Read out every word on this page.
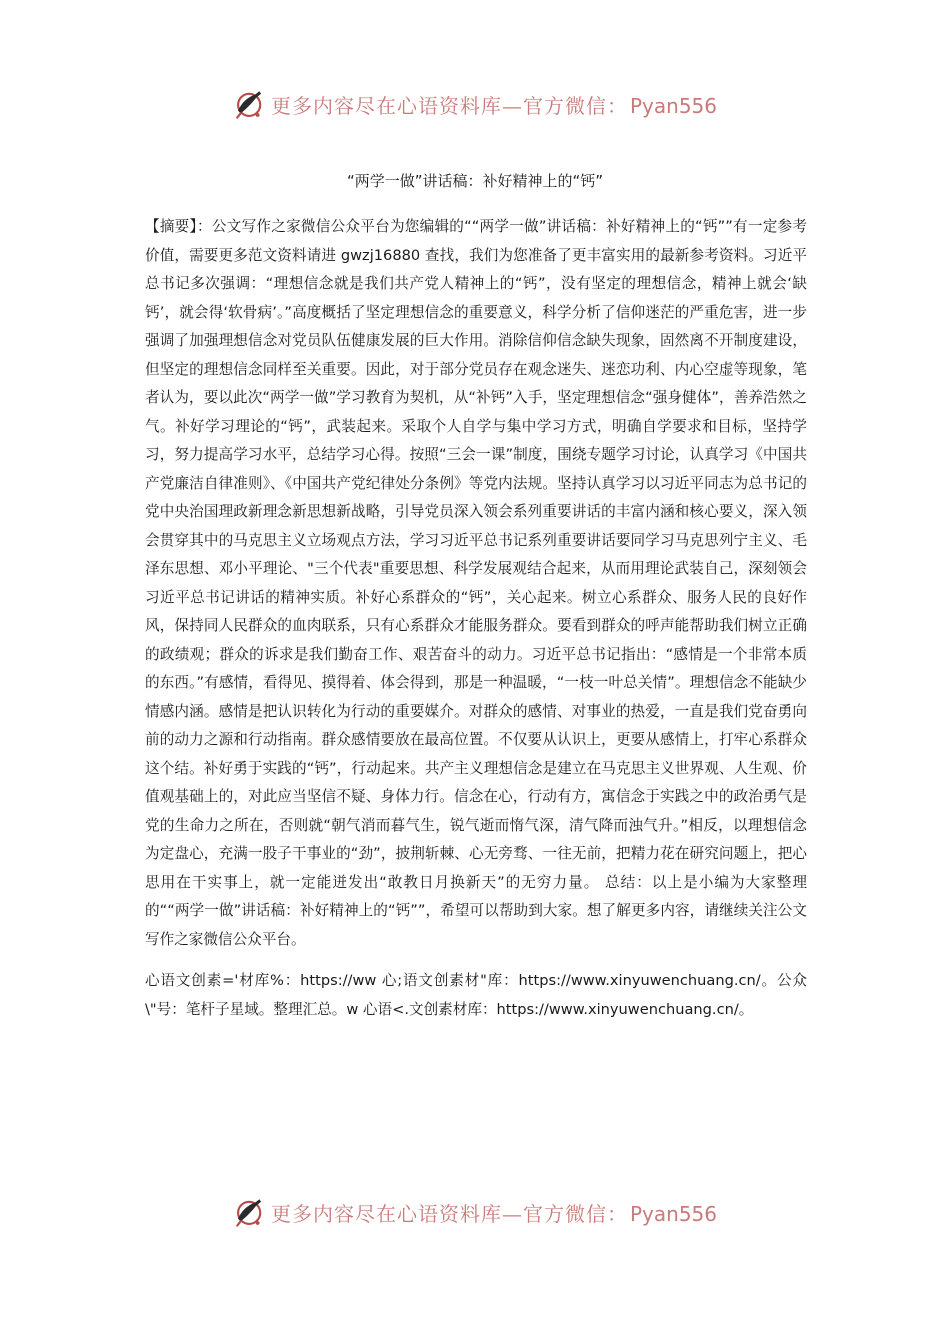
更多内容尽在心语资料库—官方微信： Pyan556
“两学一做”讲话稿：补好精神上的“钙”

【摘要】：公文写作之家微信公众平台为您编辑的““两学一做”讲话稿：补好精神上的“钙””有一定参考价值，需要更多范文资料请进 gwzj16880 查找，我们为您准备了更丰富实用的最新参考资料。习近平总书记多次强调：“理想信念就是我们共产党人精神上的“钙”，没有坚定的理想信念，精神上就会‘缺钙’，就会得‘软骨病’。”高度概括了坚定理想信念的重要意义，科学分析了信仰迷茫的严重危害，进一步强调了加强理想信念对党员队伍健康发展的巨大作用。消除信仰信念缺失现象，固然离不开制度建设，但坚定的理想信念同样至关重要。因此，对于部分党员存在观念迷失、迷恋功利、内心空虚等现象，笔者认为，要以此次“两学一做”学习教育为契机，从“补钙”入手，坚定理想信念“强身健体”，善养浩然之气。补好学习理论的“钙”，武装起来。采取个人自学与集中学习方式，明确自学要求和目标，坚持学习，努力提高学习水平，总结学习心得。按照“三会一课”制度，围绕专题学习讨论，认真学习《中国共产党廉洁自律准则》、《中国共产党纪律处分条例》等党内法规。坚持认真学习以习近平同志为总书记的党中央治国理政新理念新思想新战略，引导党员深入领会系列重要讲话的丰富内涵和核心要义，深入领会贯穿其中的马克思主义立场观点方法，学习习近平总书记系列重要讲话要同学习马克思列宁主义、毛泽东思想、邓小平理论、"三个代表"重要思想、科学发展观结合起来，从而用理论武装自己，深刻领会习近平总书记讲话的精神实质。补好心系群众的“钙”，关心起来。树立心系群众、服务人民的良好作风，保持同人民群众的血肉联系，只有心系群众才能服务群众。要看到群众的呼声能帮助我们树立正确的政绩观；群众的诉求是我们勤奋工作、艰苦奋斗的动力。习近平总书记指出：“感情是一个非常本质的东西。”有感情，看得见、摸得着、体会得到，那是一种温暖，“一枝一叶总关情”。理想信念不能缺少情感内涵。感情是把认识转化为行动的重要媒介。对群众的感情、对事业的热爱，一直是我们党奋勇向前的动力之源和行动指南。群众感情要放在最高位置。不仅要从认识上，更要从感情上，打牢心系群众这个结。补好勇于实践的“钙”，行动起来。共产主义理想信念是建立在马克思主义世界观、人生观、价值观基础上的，对此应当坚信不疑、身体力行。信念在心，行动有方，寓信念于实践之中的政治勇气是党的生命力之所在，否则就“朝气消而暮气生，锐气逝而惰气深，清气降而浊气升。”相反，以理想信念为定盘心，充满一股子干事业的“劲”，披荆斩棘、心无旁骛、一往无前，把精力花在研究问题上，把心思用在干实事上，就一定能迸发出“敢教日月换新天”的无穷力量。 总结：以上是小编为大家整理的““两学一做”讲话稿：补好精神上的“钙””，希望可以帮助到大家。想了解更多内容，请继续关注公文写作之家微信公众平台。

心语文创素='材库%：https://ww 心;语文创素材"库：https://www.xinyuwenchuang.cn/。公众\"号：笔杆子星域。整理汇总。w 心语<.文创素材库：https://www.xinyuwenchuang.cn/。

更多内容尽在心语资料库—官方微信： Pyan556
